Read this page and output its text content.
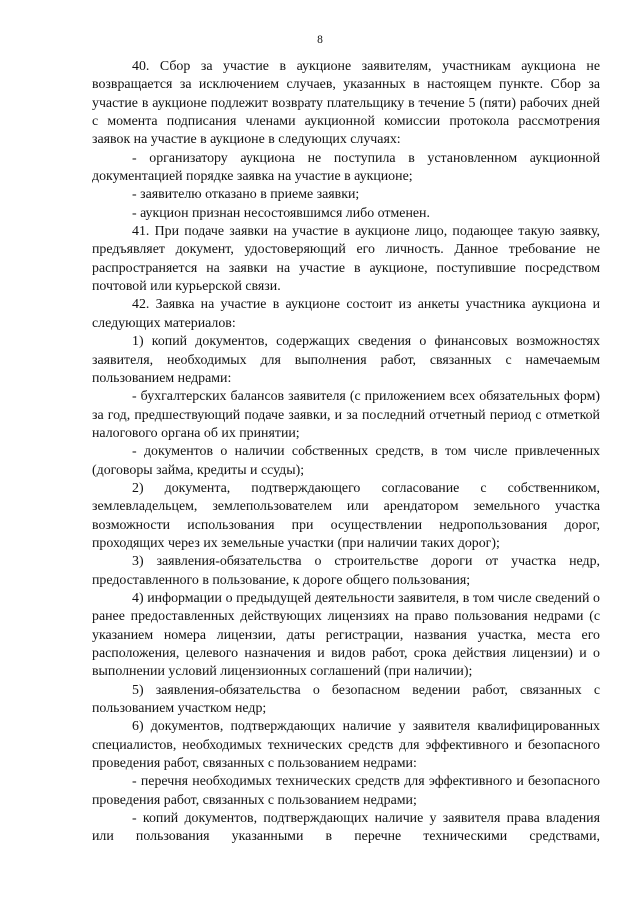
8

40. Сбор за участие в аукционе заявителям, участникам аукциона не возвращается за исключением случаев, указанных в настоящем пункте. Сбор за участие в аукционе подлежит возврату плательщику в течение 5 (пяти) рабочих дней с момента подписания членами аукционной комиссии протокола рассмотрения заявок на участие в аукционе в следующих случаях:

- организатору аукциона не поступила в установленном аукционной документацией порядке заявка на участие в аукционе;

- заявителю отказано в приеме заявки;

- аукцион признан несостоявшимся либо отменен.

41. При подаче заявки на участие в аукционе лицо, подающее такую заявку, предъявляет документ, удостоверяющий его личность. Данное требование не распространяется на заявки на участие в аукционе, поступившие посредством почтовой или курьерской связи.

42. Заявка на участие в аукционе состоит из анкеты участника аукциона и следующих материалов:

1) копий документов, содержащих сведения о финансовых возможностях заявителя, необходимых для выполнения работ, связанных с намечаемым пользованием недрами:

- бухгалтерских балансов заявителя (с приложением всех обязательных форм) за год, предшествующий подаче заявки, и за последний отчетный период с отметкой налогового органа об их принятии;

- документов о наличии собственных средств, в том числе привлеченных (договоры займа, кредиты и ссуды);

2) документа, подтверждающего согласование с собственником, землевладельцем, землепользователем или арендатором земельного участка возможности использования при осуществлении недропользования дорог, проходящих через их земельные участки (при наличии таких дорог);

3) заявления-обязательства о строительстве дороги от участка недр, предоставленного в пользование, к дороге общего пользования;

4) информации о предыдущей деятельности заявителя, в том числе сведений о ранее предоставленных действующих лицензиях на право пользования недрами (с указанием номера лицензии, даты регистрации, названия участка, места его расположения, целевого назначения и видов работ, срока действия лицензии) и о выполнении условий лицензионных соглашений (при наличии);

5) заявления-обязательства о безопасном ведении работ, связанных с пользованием участком недр;

6) документов, подтверждающих наличие у заявителя квалифицированных специалистов, необходимых технических средств для эффективного и безопасного проведения работ, связанных с пользованием недрами:

- перечня необходимых технических средств для эффективного и безопасного проведения работ, связанных с пользованием недрами;

- копий документов, подтверждающих наличие у заявителя права владения или пользования указанными в перечне техническими средствами,
